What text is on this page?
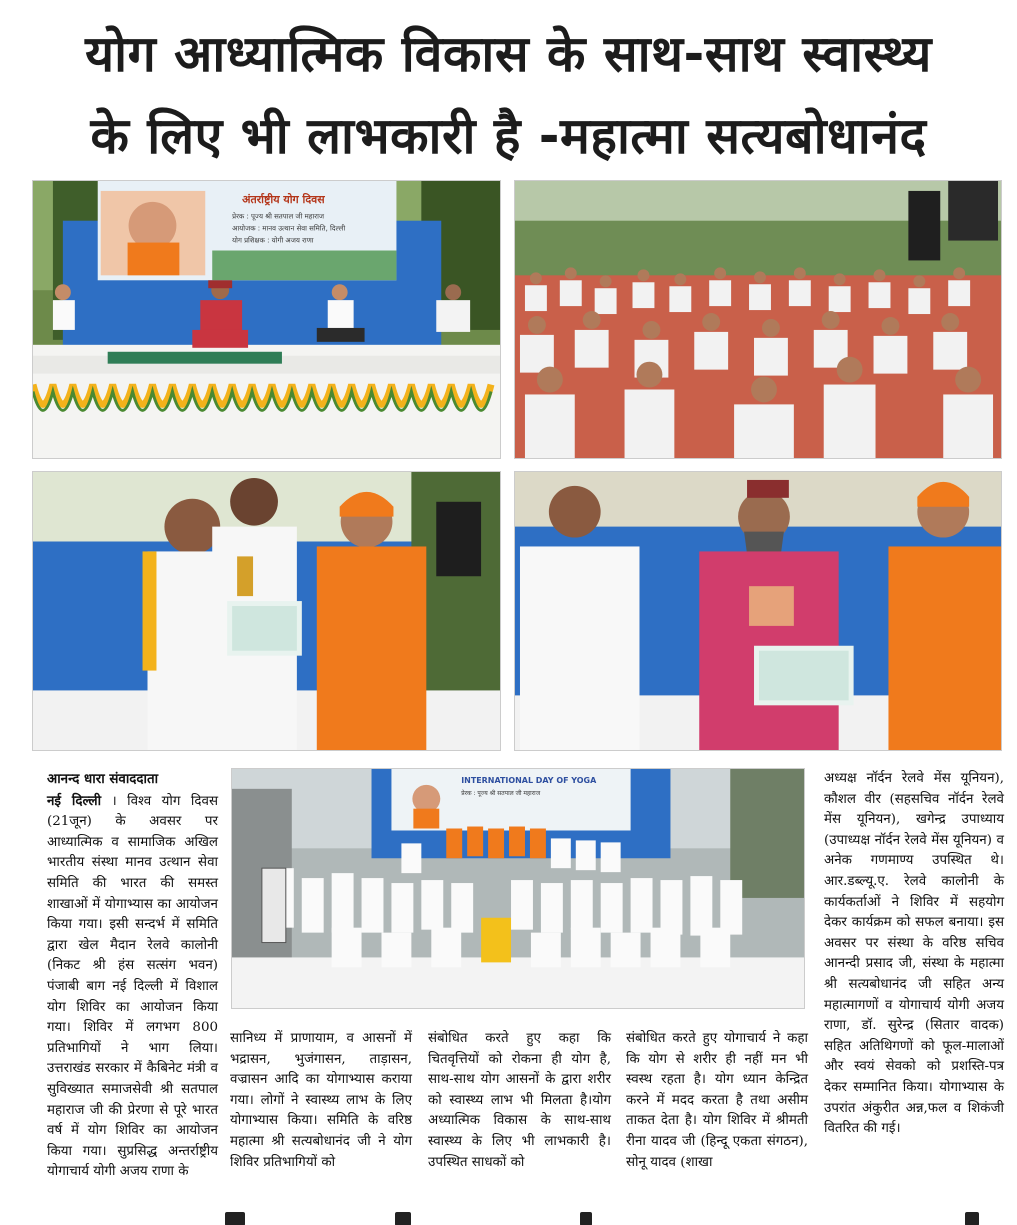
योग आध्यात्मिक विकास के साथ-साथ स्वास्थ्य
के लिए भी लाभकारी है -महात्मा सत्यबोधानंद
अंतर्राष्ट्रीय योग दिवस
प्रेरक : पूज्य श्री सतपाल जी महाराज
आयोजक : मानव उत्थान सेवा समिति, दिल्ली
योग प्रशिक्षक : योगी अजय राणा
INTERNATIONAL DAY OF YOGA
प्रेरक : पूज्य श्री सतपाल जी महाराज

आनन्द धारा संवाददाता
नई दिल्ली । विश्व योग दिवस (21जून) के अवसर पर आध्यात्मिक व सामाजिक अखिल भारतीय संस्था मानव उत्थान सेवा समिति की भारत की समस्त शाखाओं में योगाभ्यास का आयोजन किया गया। इसी सन्दर्भ में समिति द्वारा खेल मैदान रेलवे कालोनी (निकट श्री हंस सत्संग भवन) पंजाबी बाग नई दिल्ली में विशाल योग शिविर का आयोजन किया गया। शिविर में लगभग 800 प्रतिभागियों ने भाग लिया। उत्तराखंड सरकार में कैबिनेट मंत्री व सुविख्यात समाजसेवी श्री सतपाल महाराज जी की प्रेरणा से पूरे भारत वर्ष में योग शिविर का आयोजन किया गया। सुप्रसिद्ध अन्तर्राष्ट्रीय योगाचार्य योगी अजय राणा के

सानिध्य में प्राणायाम, व आसनों में भद्रासन, भुजंगासन, ताड़ासन, वज्रासन आदि का योगाभ्यास कराया गया। लोगों ने स्वास्थ्य लाभ के लिए योगाभ्यास किया। समिति के वरिष्ठ महात्मा श्री सत्यबोधानंद जी ने योग शिविर प्रतिभागियों को

संबोधित करते हुए कहा कि चितवृत्तियों को रोकना ही योग है, साथ-साथ योग आसनों के द्वारा शरीर को स्वास्थ्य लाभ भी मिलता है।योग अध्यात्मिक विकास के साथ-साथ स्वास्थ्य के लिए भी लाभकारी है। उपस्थित साधकों को

संबोधित करते हुए योगाचार्य ने कहा कि योग से शरीर ही नहीं मन भी स्वस्थ रहता है। योग ध्यान केन्द्रित करने में मदद करता है तथा असीम ताकत देता है। योग शिविर में श्रीमती रीना यादव जी (हिन्दू एकता संगठन), सोनू यादव (शाखा

अध्यक्ष नॉर्दन रेलवे मेंस यूनियन), कौशल वीर (सहसचिव नॉर्दन रेलवे मेंस यूनियन), खगेन्द्र उपाध्याय (उपाध्यक्ष नॉर्दन रेलवे मेंस यूनियन) व अनेक गणमाण्य उपस्थित थे। आर.डब्ल्यू.ए. रेलवे कालोनी के कार्यकर्ताओं ने शिविर में सहयोग देकर कार्यक्रम को सफल बनाया। इस अवसर पर संस्था के वरिष्ठ सचिव आनन्दी प्रसाद जी, संस्था के महात्मा श्री सत्यबोधानंद जी सहित अन्य महात्मागणों व योगाचार्य योगी अजय राणा, डॉ. सुरेन्द्र (सितार वादक) सहित अतिथिगणों को फूल-मालाओं और स्वयं सेवको को प्रशस्ति-पत्र देकर सम्मानित किया। योगाभ्यास के उपरांत अंकुरीत अन्न,फल व शिकंजी वितरित की गई।
